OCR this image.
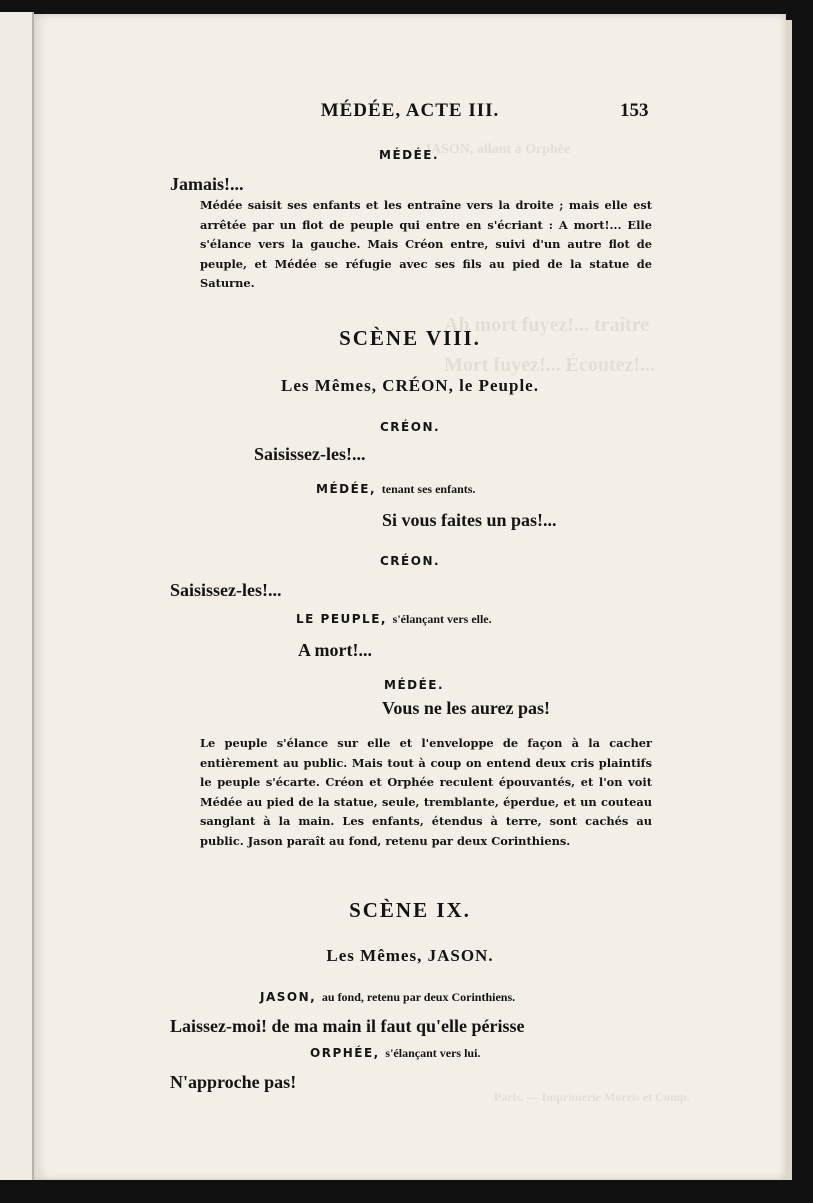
JASON, allant à Orphée
Ah mort fuyez!... traître
Mort fuyez!... Écoutez!...
MÉDÉE, ACTE III.	153
MÉDÉE.
Jamais!...
Médée saisit ses enfants et les entraîne vers la droite ; mais elle est arrêtée par un flot de peuple qui entre en s'écriant : A mort!... Elle s'élance vers la gauche. Mais Créon entre, suivi d'un autre flot de peuple, et Médée se réfugie avec ses fils au pied de la statue de Saturne.
SCÈNE VIII.
Les Mêmes, CRÉON, le Peuple.
CRÉON.
Saisissez-les!...
MÉDÉE, tenant ses enfants.
Si vous faites un pas!...
CRÉON.
Saisissez-les!...
LE PEUPLE, s'élançant vers elle.
A mort!...
MÉDÉE.
Vous ne les aurez pas!
Le peuple s'élance sur elle et l'enveloppe de façon à la cacher entièrement au public. Mais tout à coup on entend deux cris plaintifs le peuple s'écarte. Créon et Orphée reculent épouvantés, et l'on voit Médée au pied de la statue, seule, tremblante, éperdue, et un couteau sanglant à la main. Les enfants, étendus à terre, sont cachés au public. Jason paraît au fond, retenu par deux Corinthiens.
SCÈNE IX.
Les Mêmes, JASON.
JASON, au fond, retenu par deux Corinthiens.
Laissez-moi! de ma main il faut qu'elle périsse
ORPHÉE, s'élançant vers lui.
N'approche pas!
Paris. — Imprimerie Morris et Comp.
